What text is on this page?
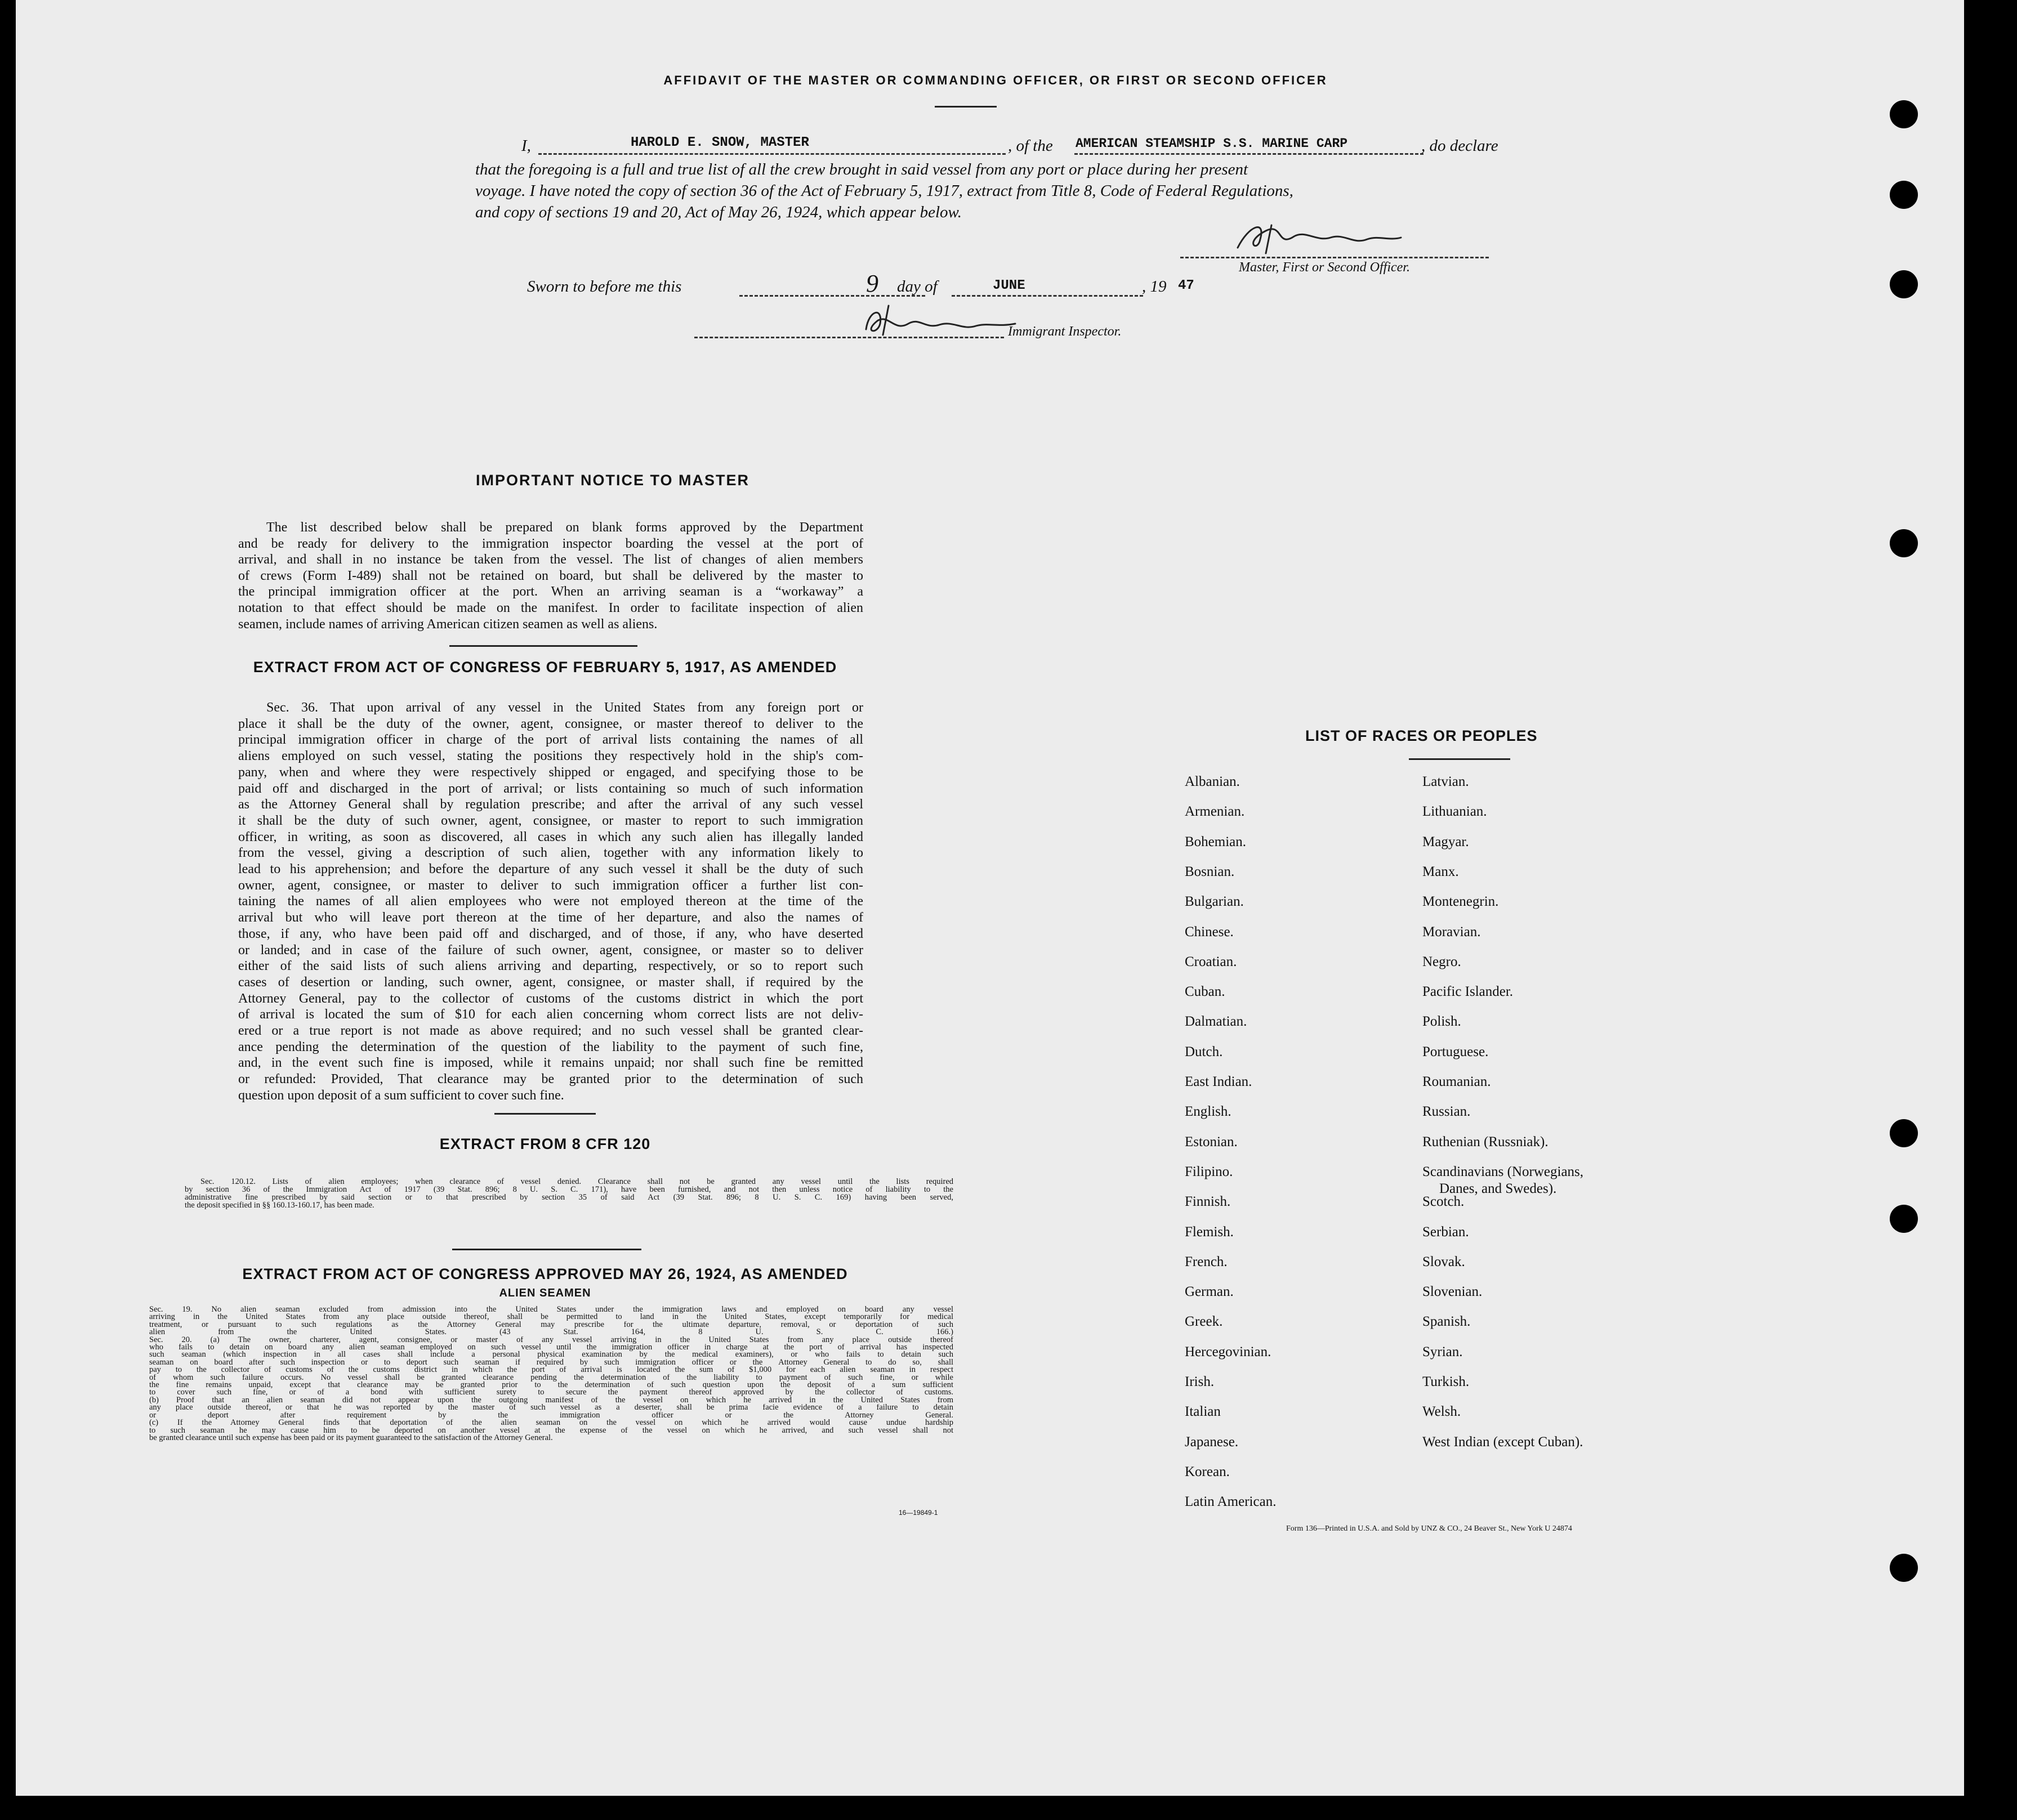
AFFIDAVIT OF THE MASTER OR COMMANDING OFFICER, OR FIRST OR SECOND OFFICER
I,	HAROLD E. SNOW, MASTER	, of the AMERICAN STEAMSHIP S.S. MARINE CARP	, do declare
that the foregoing is a full and true list of all the crew brought in said vessel from any port or place during her present
voyage. I have noted the copy of section 36 of the Act of February 5, 1917, extract from Title 8, Code of Federal Regulations,
and copy of sections 19 and 20, Act of May 26, 1924, which appear below.
Master, First or Second Officer.
Sworn to before me this	9 day of	JUNE	, 19 47
Immigrant Inspector.
IMPORTANT NOTICE TO MASTER
The list described below shall be prepared on blank forms approved by the Department
and be ready for delivery to the immigration inspector boarding the vessel at the port of
arrival, and shall in no instance be taken from the vessel. The list of changes of alien members
of crews (Form I-489) shall not be retained on board, but shall be delivered by the master to
the principal immigration officer at the port. When an arriving seaman is a “workaway” a
notation to that effect should be made on the manifest. In order to facilitate inspection of alien
seamen, include names of arriving American citizen seamen as well as aliens.
EXTRACT FROM ACT OF CONGRESS OF FEBRUARY 5, 1917, AS AMENDED
Sec. 36. That upon arrival of any vessel in the United States from any foreign port or
place it shall be the duty of the owner, agent, consignee, or master thereof to deliver to the
principal immigration officer in charge of the port of arrival lists containing the names of all
aliens employed on such vessel, stating the positions they respectively hold in the ship's com-
pany, when and where they were respectively shipped or engaged, and specifying those to be
paid off and discharged in the port of arrival; or lists containing so much of such information
as the Attorney General shall by regulation prescribe; and after the arrival of any such vessel
it shall be the duty of such owner, agent, consignee, or master to report to such immigration
officer, in writing, as soon as discovered, all cases in which any such alien has illegally landed
from the vessel, giving a description of such alien, together with any information likely to
lead to his apprehension; and before the departure of any such vessel it shall be the duty of such
owner, agent, consignee, or master to deliver to such immigration officer a further list con-
taining the names of all alien employees who were not employed thereon at the time of the
arrival but who will leave port thereon at the time of her departure, and also the names of
those, if any, who have been paid off and discharged, and of those, if any, who have deserted
or landed; and in case of the failure of such owner, agent, consignee, or master so to deliver
either of the said lists of such aliens arriving and departing, respectively, or so to report such
cases of desertion or landing, such owner, agent, consignee, or master shall, if required by the
Attorney General, pay to the collector of customs of the customs district in which the port
of arrival is located the sum of $10 for each alien concerning whom correct lists are not deliv-
ered or a true report is not made as above required; and no such vessel shall be granted clear-
ance pending the determination of the question of the liability to the payment of such fine,
and, in the event such fine is imposed, while it remains unpaid; nor shall such fine be remitted
or refunded: Provided, That clearance may be granted prior to the determination of such
question upon deposit of a sum sufficient to cover such fine.
EXTRACT FROM 8 CFR 120
Sec. 120.12. Lists of alien employees; when clearance of vessel denied. Clearance shall not be granted any vessel until the lists required
by section 36 of the Immigration Act of 1917 (39 Stat. 896; 8 U. S. C. 171), have been furnished, and not then unless notice of liability to the
administrative fine prescribed by said section or to that prescribed by section 35 of said Act (39 Stat. 896; 8 U. S. C. 169) having been served,
the deposit specified in §§ 160.13-160.17, has been made.
EXTRACT FROM ACT OF CONGRESS APPROVED MAY 26, 1924, AS AMENDED
ALIEN SEAMEN
Sec. 19. No alien seaman excluded from admission into the United States under the immigration laws and employed on board any vessel
arriving in the United States from any place outside thereof, shall be permitted to land in the United States, except temporarily for medical
treatment, or pursuant to such regulations as the Attorney General may prescribe for the ultimate departure, removal, or deportation of such
alien from the United States. (43 Stat. 164, 8 U. S. C. 166.)
Sec. 20. (a) The owner, charterer, agent, consignee, or master of any vessel arriving in the United States from any place outside thereof
who fails to detain on board any alien seaman employed on such vessel until the immigration officer in charge at the port of arrival has inspected
such seaman (which inspection in all cases shall include a personal physical examination by the medical examiners), or who fails to detain such
seaman on board after such inspection or to deport such seaman if required by such immigration officer or the Attorney General to do so, shall
pay to the collector of customs of the customs district in which the port of arrival is located the sum of $1,000 for each alien seaman in respect
of whom such failure occurs. No vessel shall be granted clearance pending the determination of the liability to payment of such fine, or while
the fine remains unpaid, except that clearance may be granted prior to the determination of such question upon the deposit of a sum sufficient
to cover such fine, or of a bond with sufficient surety to secure the payment thereof approved by the collector of customs.
(b) Proof that an alien seaman did not appear upon the outgoing manifest of the vessel on which he arrived in the United States from
any place outside thereof, or that he was reported by the master of such vessel as a deserter, shall be prima facie evidence of a failure to detain
or deport after requirement by the immigration officer or the Attorney General.
(c) If the Attorney General finds that deportation of the alien seaman on the vessel on which he arrived would cause undue hardship
to such seaman he may cause him to be deported on another vessel at the expense of the vessel on which he arrived, and such vessel shall not
be granted clearance until such expense has been paid or its payment guaranteed to the satisfaction of the Attorney General.
16—19849-1
LIST OF RACES OR PEOPLES
Albanian.
Armenian.
Bohemian.
Bosnian.
Bulgarian.
Chinese.
Croatian.
Cuban.
Dalmatian.
Dutch.
East Indian.
English.
Estonian.
Filipino.
Finnish.
Flemish.
French.
German.
Greek.
Hercegovinian.
Irish.
Italian
Japanese.
Korean.
Latin American.
Latvian.
Lithuanian.
Magyar.
Manx.
Montenegrin.
Moravian.
Negro.
Pacific Islander.
Polish.
Portuguese.
Roumanian.
Russian.
Ruthenian (Russniak).
Scandinavians (Norwegians,
Danes, and Swedes).
Scotch.
Serbian.
Slovak.
Slovenian.
Spanish.
Syrian.
Turkish.
Welsh.
West Indian (except Cuban).
Form 136—Printed in U.S.A. and Sold by UNZ & CO., 24 Beaver St., New York U 24874
